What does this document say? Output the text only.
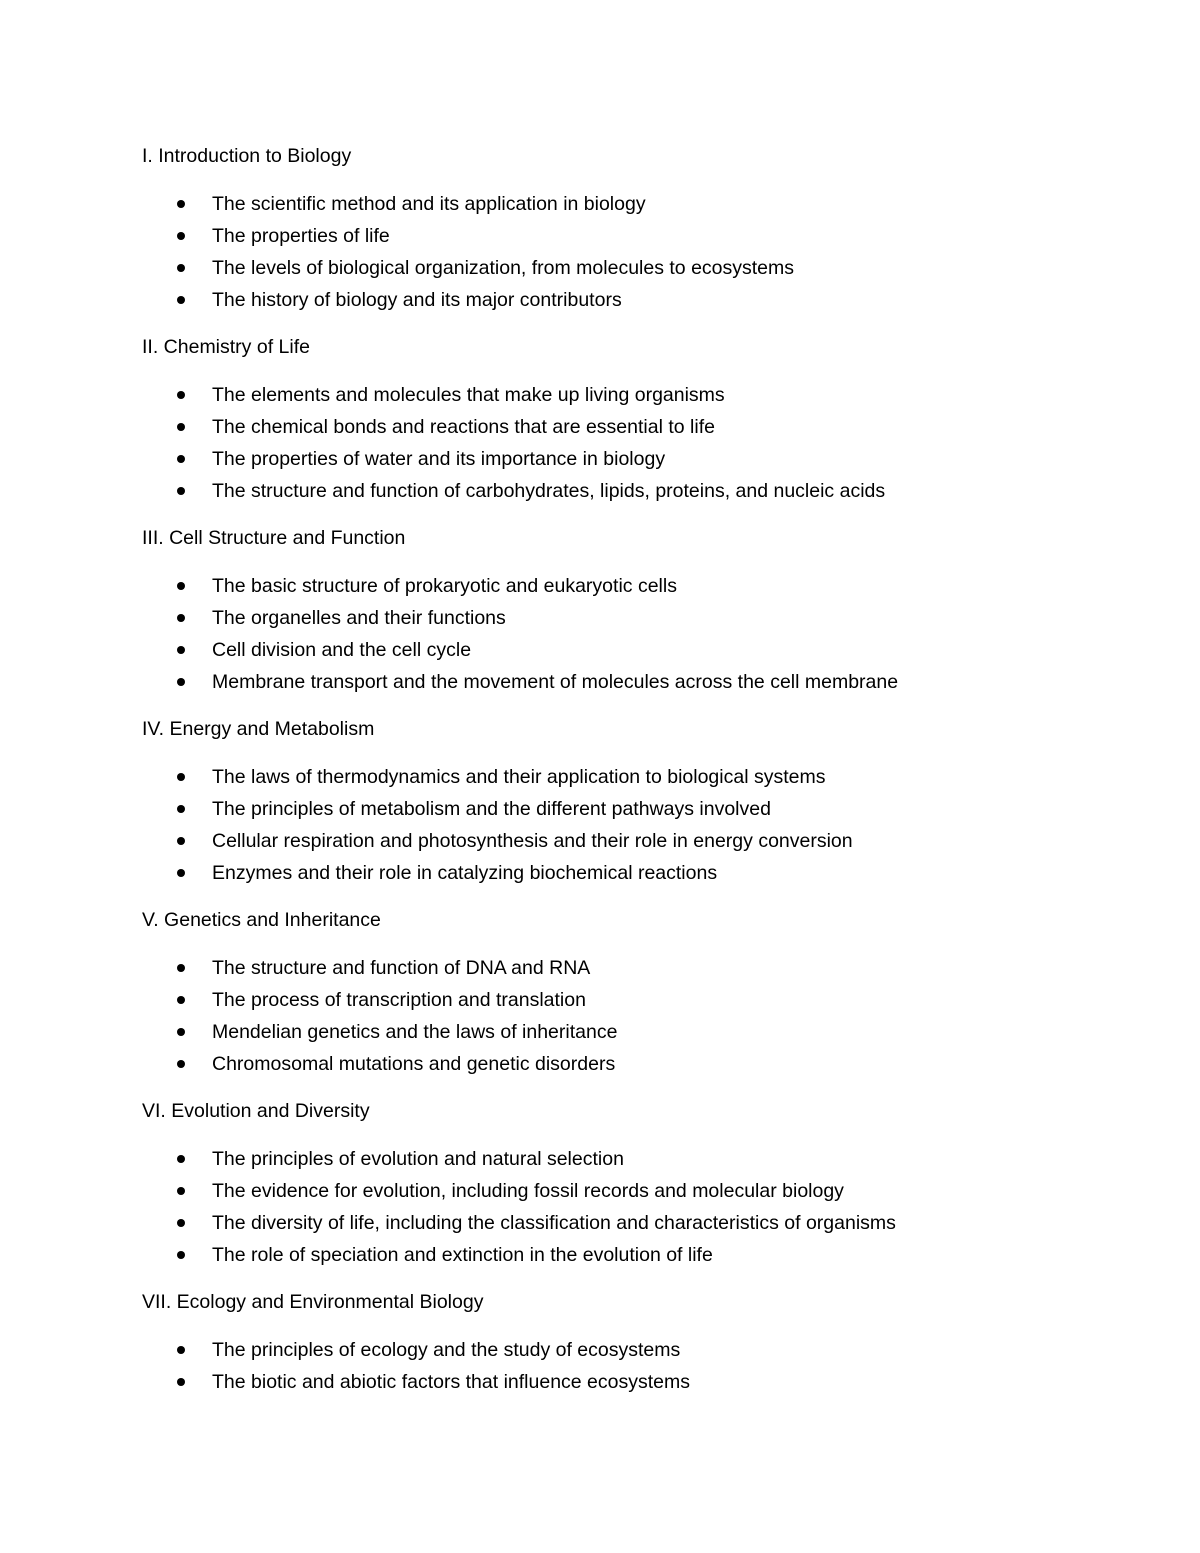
I. Introduction to Biology
The scientific method and its application in biology
The properties of life
The levels of biological organization, from molecules to ecosystems
The history of biology and its major contributors
II. Chemistry of Life
The elements and molecules that make up living organisms
The chemical bonds and reactions that are essential to life
The properties of water and its importance in biology
The structure and function of carbohydrates, lipids, proteins, and nucleic acids
III. Cell Structure and Function
The basic structure of prokaryotic and eukaryotic cells
The organelles and their functions
Cell division and the cell cycle
Membrane transport and the movement of molecules across the cell membrane
IV. Energy and Metabolism
The laws of thermodynamics and their application to biological systems
The principles of metabolism and the different pathways involved
Cellular respiration and photosynthesis and their role in energy conversion
Enzymes and their role in catalyzing biochemical reactions
V. Genetics and Inheritance
The structure and function of DNA and RNA
The process of transcription and translation
Mendelian genetics and the laws of inheritance
Chromosomal mutations and genetic disorders
VI. Evolution and Diversity
The principles of evolution and natural selection
The evidence for evolution, including fossil records and molecular biology
The diversity of life, including the classification and characteristics of organisms
The role of speciation and extinction in the evolution of life
VII. Ecology and Environmental Biology
The principles of ecology and the study of ecosystems
The biotic and abiotic factors that influence ecosystems
